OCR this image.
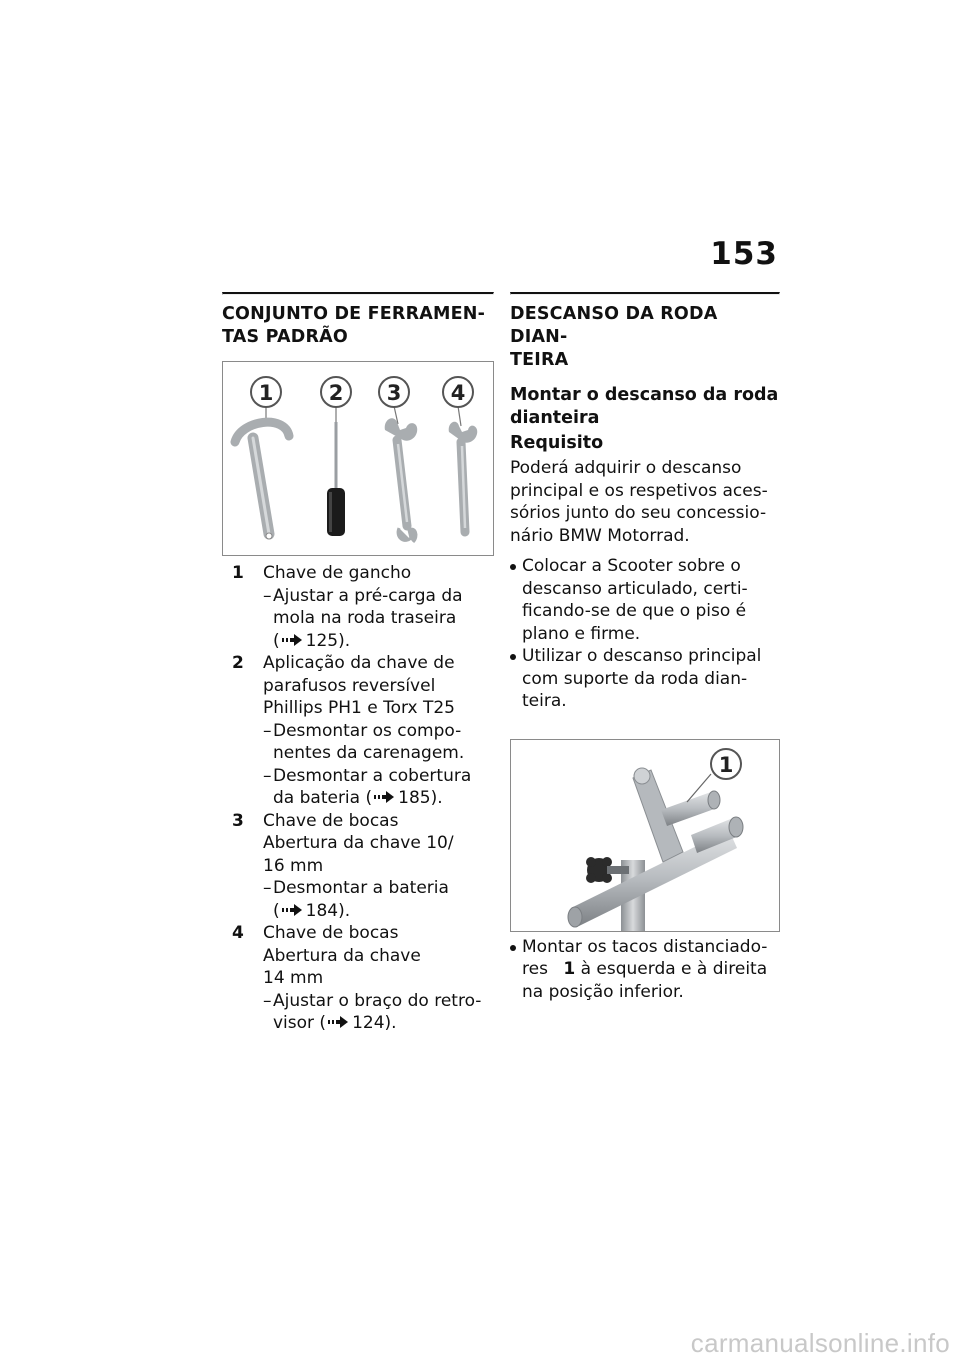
153
CONJUNTO DE FERRAMEN-
TAS PADRÃO
1	2 3 4
1 Chave de gancho
– Ajustar a pré-carga da
mola na roda traseira
( 125).
2 Aplicação da chave de
parafusos reversível
Phillips PH1 e Torx T25
– Desmontar os compo-
nentes da carenagem.
– Desmontar a cobertura
da bateria ( 185).
3 Chave de bocas
Abertura da chave 10/
16 mm
– Desmontar a bateria
( 184).
4 Chave de bocas
Abertura da chave
14 mm
– Ajustar o braço do retro-
visor ( 124).
DESCANSO DA RODA DIAN-
TEIRA
Montar o descanso da roda
dianteira
Requisito

Poderá adquirir o descanso
principal e os respetivos aces-
sórios junto do seu concessio-
nário BMW Motorrad.

Colocar a Scooter sobre o
descanso articulado, certi-
ficando-se de que o piso é
plano e firme.
Utilizar o descanso principal
com suporte da roda dian-
teira.
1
Montar os tacos distanciado-
res 1 à esquerda e à direita
na posição inferior.
carmanualsonline.info
